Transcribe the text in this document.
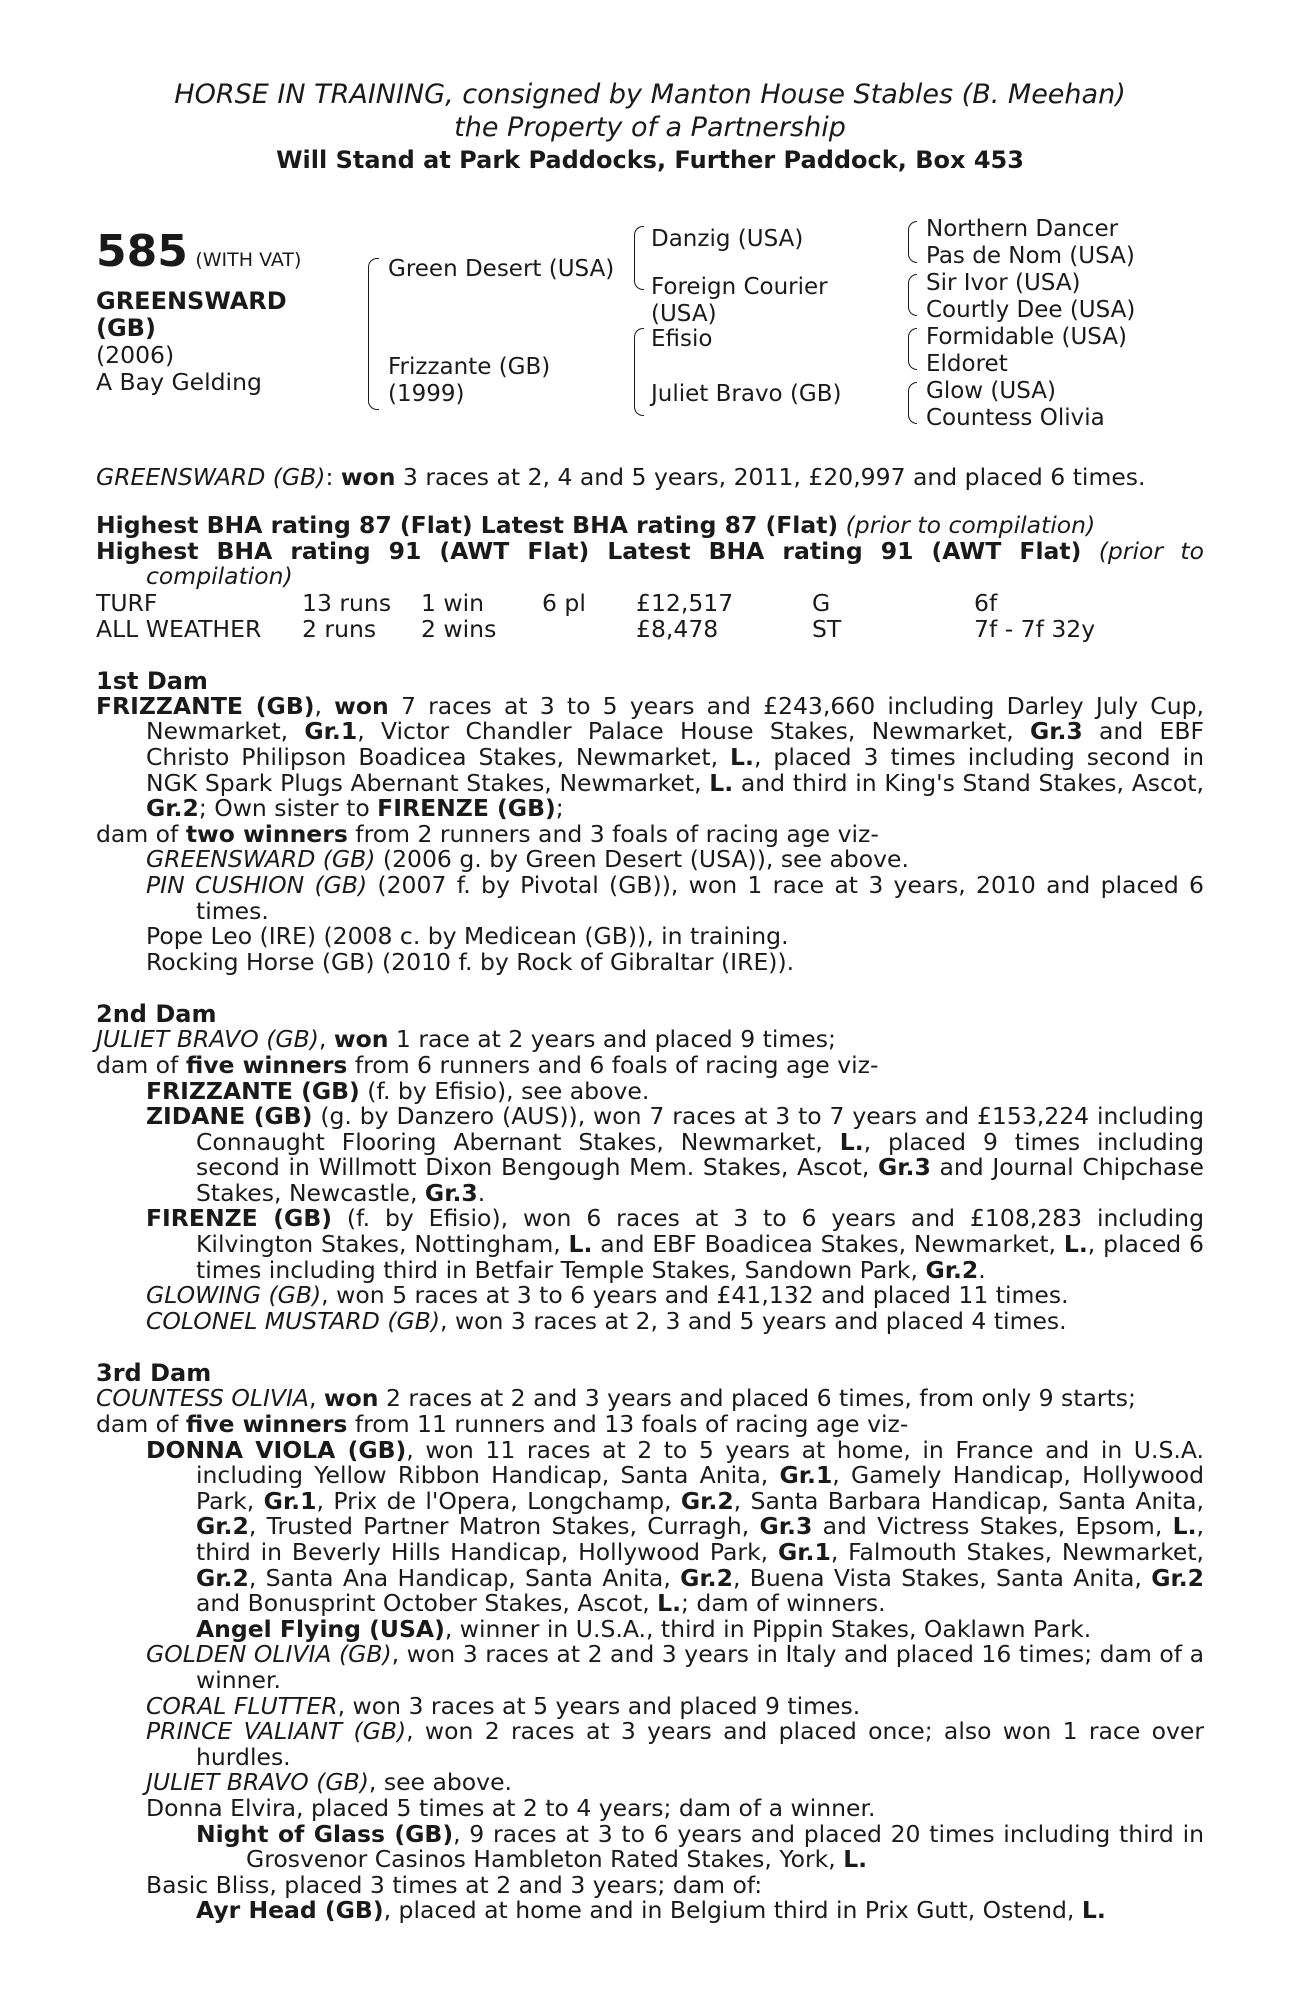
HORSE IN TRAINING, consigned by Manton House Stables (B. Meehan)
the Property of a Partnership
Will Stand at Park Paddocks, Further Paddock, Box 453
585 (WITH VAT)
GREENSWARD
(GB)
(2006)
A Bay Gelding
Green Desert (USA)
Frizzante (GB)
(1999)
Danzig (USA)
Foreign Courier
(USA)
Efisio
Juliet Bravo (GB)
Northern Dancer
Pas de Nom (USA)
Sir Ivor (USA)
Courtly Dee (USA)
Formidable (USA)
Eldoret
Glow (USA)
Countess Olivia
GREENSWARD (GB): won 3 races at 2, 4 and 5 years, 2011, £20,997 and placed 6 times.

Highest BHA rating 87 (Flat) Latest BHA rating 87 (Flat) (prior to compilation)

Highest BHA rating 91 (AWT Flat) Latest BHA rating 91 (AWT Flat) (prior to compilation)

TURF	13 runs	1 win	6 pl	£12,517	G	6f
ALL WEATHER	2 runs	2 wins		£8,478	ST	7f - 7f 32y
1st Dam

FRIZZANTE (GB), won 7 races at 3 to 5 years and £243,660 including Darley July Cup, Newmarket, Gr.1, Victor Chandler Palace House Stakes, Newmarket, Gr.3 and EBF Christo Philipson Boadicea Stakes, Newmarket, L., placed 3 times including second in NGK Spark Plugs Abernant Stakes, Newmarket, L. and third in King's Stand Stakes, Ascot, Gr.2; Own sister to FIRENZE (GB);

dam of two winners from 2 runners and 3 foals of racing age viz-

GREENSWARD (GB) (2006 g. by Green Desert (USA)), see above.

PIN CUSHION (GB) (2007 f. by Pivotal (GB)), won 1 race at 3 years, 2010 and placed 6 times.

Pope Leo (IRE) (2008 c. by Medicean (GB)), in training.

Rocking Horse (GB) (2010 f. by Rock of Gibraltar (IRE)).

2nd Dam

JULIET BRAVO (GB), won 1 race at 2 years and placed 9 times;

dam of five winners from 6 runners and 6 foals of racing age viz-

FRIZZANTE (GB) (f. by Efisio), see above.

ZIDANE (GB) (g. by Danzero (AUS)), won 7 races at 3 to 7 years and £153,224 including Connaught Flooring Abernant Stakes, Newmarket, L., placed 9 times including second in Willmott Dixon Bengough Mem. Stakes, Ascot, Gr.3 and Journal Chipchase Stakes, Newcastle, Gr.3.

FIRENZE (GB) (f. by Efisio), won 6 races at 3 to 6 years and £108,283 including Kilvington Stakes, Nottingham, L. and EBF Boadicea Stakes, Newmarket, L., placed 6 times including third in Betfair Temple Stakes, Sandown Park, Gr.2.

GLOWING (GB), won 5 races at 3 to 6 years and £41,132 and placed 11 times.

COLONEL MUSTARD (GB), won 3 races at 2, 3 and 5 years and placed 4 times.

3rd Dam

COUNTESS OLIVIA, won 2 races at 2 and 3 years and placed 6 times, from only 9 starts;

dam of five winners from 11 runners and 13 foals of racing age viz-

DONNA VIOLA (GB), won 11 races at 2 to 5 years at home, in France and in U.S.A. including Yellow Ribbon Handicap, Santa Anita, Gr.1, Gamely Handicap, Hollywood Park, Gr.1, Prix de l'Opera, Longchamp, Gr.2, Santa Barbara Handicap, Santa Anita, Gr.2, Trusted Partner Matron Stakes, Curragh, Gr.3 and Victress Stakes, Epsom, L., third in Beverly Hills Handicap, Hollywood Park, Gr.1, Falmouth Stakes, Newmarket, Gr.2, Santa Ana Handicap, Santa Anita, Gr.2, Buena Vista Stakes, Santa Anita, Gr.2 and Bonusprint October Stakes, Ascot, L.; dam of winners.

Angel Flying (USA), winner in U.S.A., third in Pippin Stakes, Oaklawn Park.

GOLDEN OLIVIA (GB), won 3 races at 2 and 3 years in Italy and placed 16 times; dam of a winner.

CORAL FLUTTER, won 3 races at 5 years and placed 9 times.

PRINCE VALIANT (GB), won 2 races at 3 years and placed once; also won 1 race over hurdles.

JULIET BRAVO (GB), see above.

Donna Elvira, placed 5 times at 2 to 4 years; dam of a winner.

Night of Glass (GB), 9 races at 3 to 6 years and placed 20 times including third in Grosvenor Casinos Hambleton Rated Stakes, York, L.

Basic Bliss, placed 3 times at 2 and 3 years; dam of:

Ayr Head (GB), placed at home and in Belgium third in Prix Gutt, Ostend, L.
